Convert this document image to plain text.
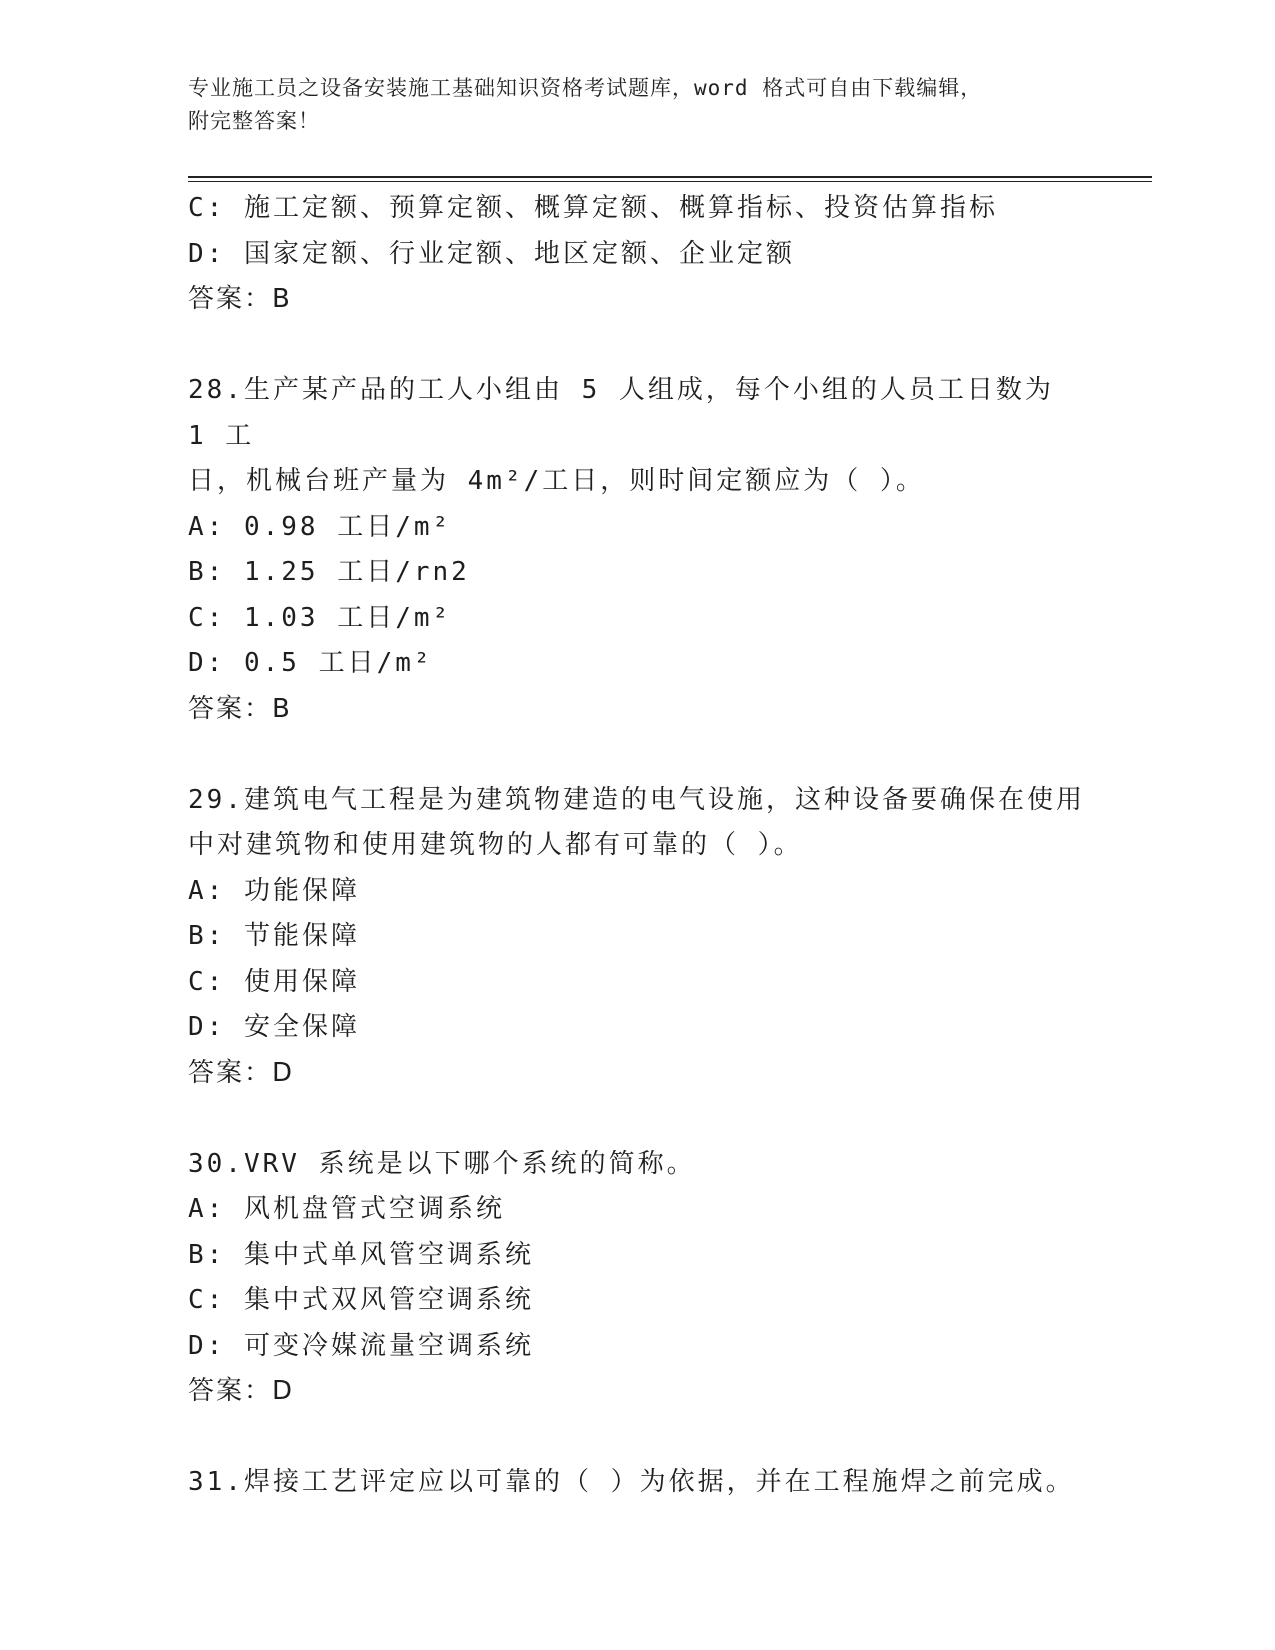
专业施工员之设备安装施工基础知识资格考试题库，word 格式可自由下载编辑，
附完整答案！
C: 施工定额、预算定额、概算定额、概算指标、投资估算指标
D: 国家定额、行业定额、地区定额、企业定额
答案：B
28.生产某产品的工人小组由 5 人组成，每个小组的人员工日数为 1 工
日，机械台班产量为 4m²/工日，则时间定额应为（ ）。
A: 0.98 工日/m²
B: 1.25 工日/rn2
C: 1.03 工日/m²
D: 0.5 工日/m²
答案：B
29.建筑电气工程是为建筑物建造的电气设施，这种设备要确保在使用
中对建筑物和使用建筑物的人都有可靠的（ ）。
A: 功能保障
B: 节能保障
C: 使用保障
D: 安全保障
答案：D
30.VRV 系统是以下哪个系统的简称。
A: 风机盘管式空调系统
B: 集中式单风管空调系统
C: 集中式双风管空调系统
D: 可变冷媒流量空调系统
答案：D
31.焊接工艺评定应以可靠的（ ）为依据，并在工程施焊之前完成。
